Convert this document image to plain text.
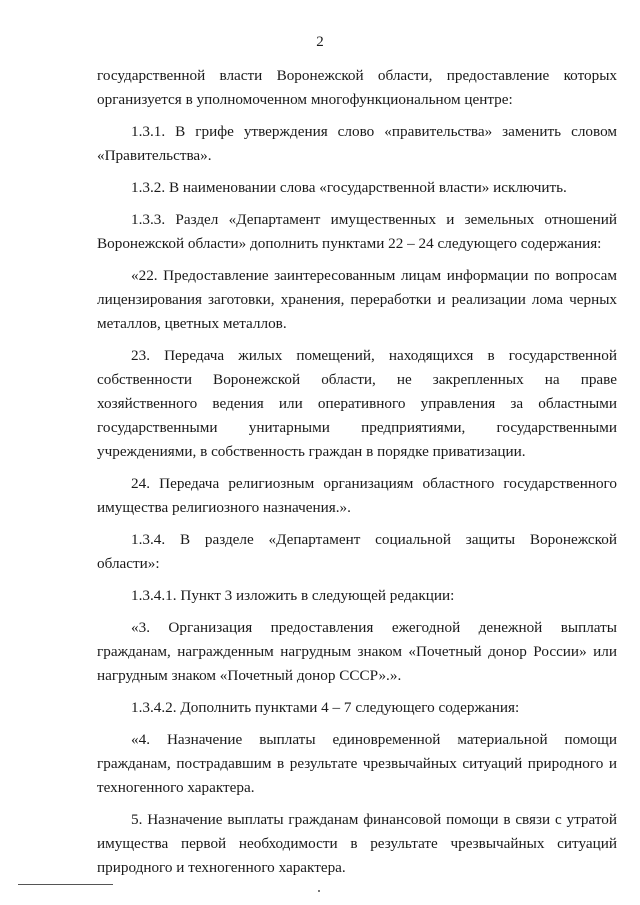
2

государственной власти Воронежской области, предоставление которых организуется в уполномоченном многофункциональном центре:

1.3.1. В грифе утверждения слово «правительства» заменить словом «Правительства».

1.3.2. В наименовании слова «государственной власти» исключить.

1.3.3. Раздел «Департамент имущественных и земельных отношений Воронежской области» дополнить пунктами 22 – 24 следующего содержания:

«22. Предоставление заинтересованным лицам информации по вопросам лицензирования заготовки, хранения, переработки и реализации лома черных металлов, цветных металлов.

23. Передача жилых помещений, находящихся в государственной собственности Воронежской области, не закрепленных на праве хозяйственного ведения или оперативного управления за областными государственными унитарными предприятиями, государственными учреждениями, в собственность граждан в порядке приватизации.

24. Передача религиозным организациям областного государственного имущества религиозного назначения.».

1.3.4. В разделе «Департамент социальной защиты Воронежской области»:

1.3.4.1. Пункт 3 изложить в следующей редакции:

«3. Организация предоставления ежегодной денежной выплаты гражданам, награжденным нагрудным знаком «Почетный донор России» или нагрудным знаком «Почетный донор СССР».».

1.3.4.2. Дополнить пунктами 4 – 7 следующего содержания:

«4. Назначение выплаты единовременной материальной помощи гражданам, пострадавшим в результате чрезвычайных ситуаций природного и техногенного характера.

5. Назначение выплаты гражданам финансовой помощи в связи с утратой имущества первой необходимости в результате чрезвычайных ситуаций природного и техногенного характера.
